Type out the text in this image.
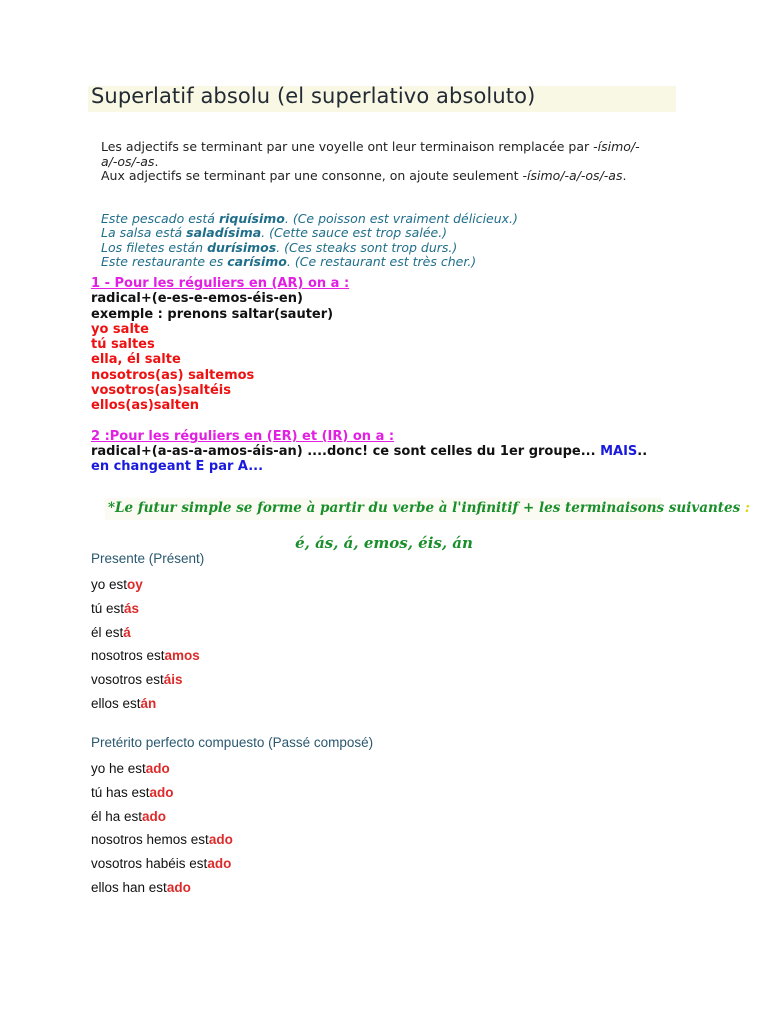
Superlatif absolu (el superlativo absoluto)

Les adjectifs se terminant par une voyelle ont leur terminaison remplacée par -ísimo/-

a/-os/-as.

Aux adjectifs se terminant par une consonne, on ajoute seulement -ísimo/-a/-os/-as.

Este pescado está riquísimo. (Ce poisson est vraiment délicieux.)

La salsa está saladísima. (Cette sauce est trop salée.)

Los filetes están durísimos. (Ces steaks sont trop durs.)

Este restaurante es carísimo. (Ce restaurant est très cher.)

1 - Pour les réguliers en (AR) on a :
radical+(e-es-e-emos-éis-en)
exemple : prenons saltar(sauter)
yo salte
tú saltes
ella, él salte
nosotros(as) saltemos
vosotros(as)saltéis
ellos(as)salten
2 :Pour les réguliers en (ER) et (IR) on a :
radical+(a-as-a-amos-áis-an) ....donc! ce sont celles du 1er groupe... MAIS..
en changeant E par A...
*Le futur simple se forme à partir du verbe à l'infinitif + les terminaisons suivantes :
é, ás, á, emos, éis, án
Presente (Présent)
yo estoy
tú estás
él está
nosotros estamos
vosotros estáis
ellos están
Pretérito perfecto compuesto (Passé composé)
yo he estado
tú has estado
él ha estado
nosotros hemos estado
vosotros habéis estado
ellos han estado
